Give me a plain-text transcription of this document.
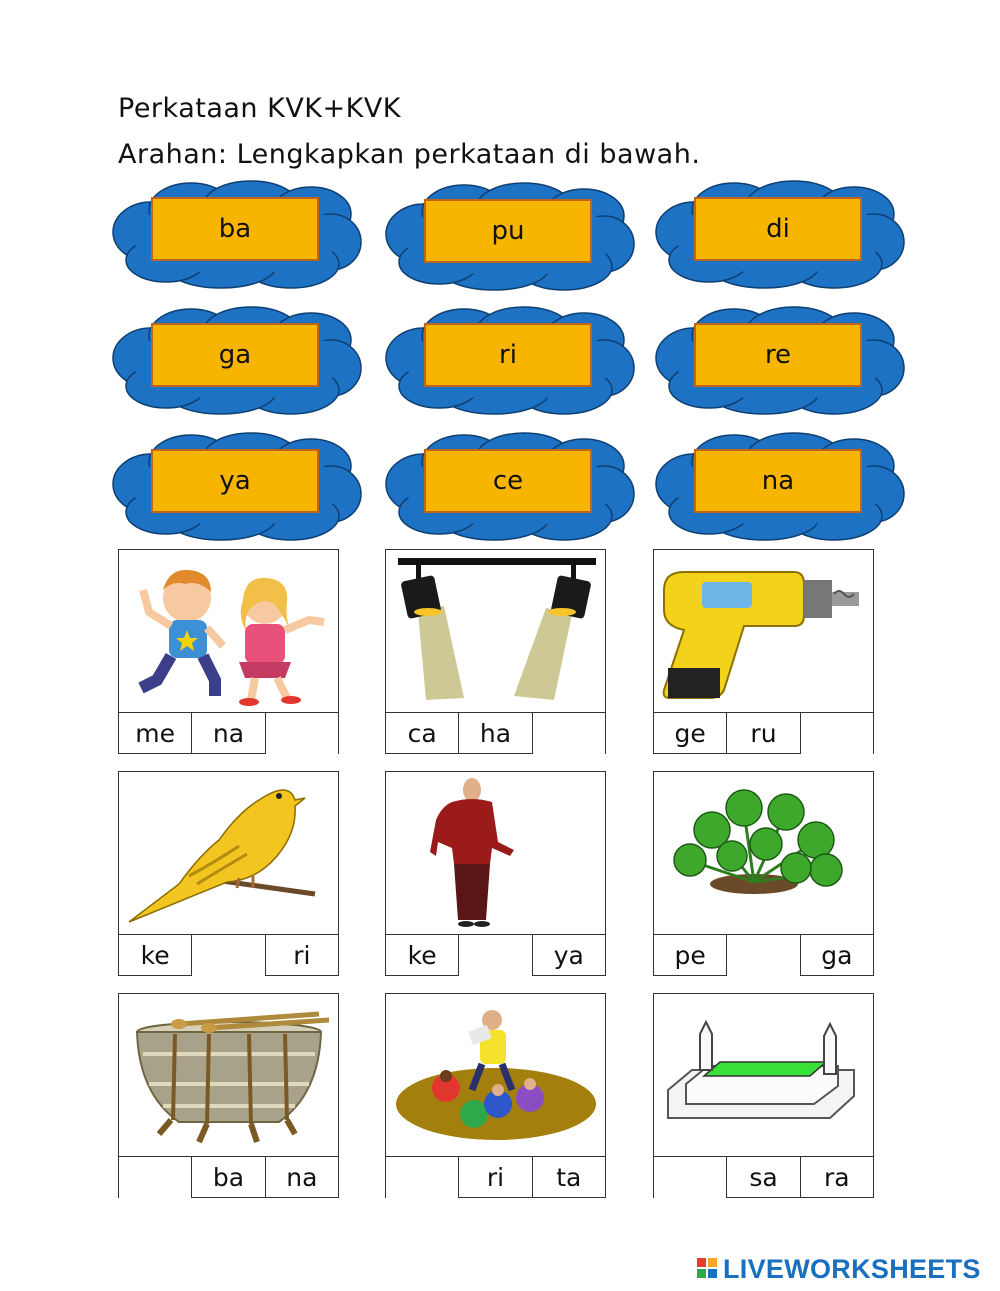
Perkataan KVK+KVK
Arahan: Lengkapkan perkataan di bawah.
ba	pu	di
ga	ri	re
ya	ce	na
me	na	ca	ha	ge	ru
ke	ri	ke	ya	pe	ga
ba	na	ri	ta	sa	ra
LIVEWORKSHEETS
